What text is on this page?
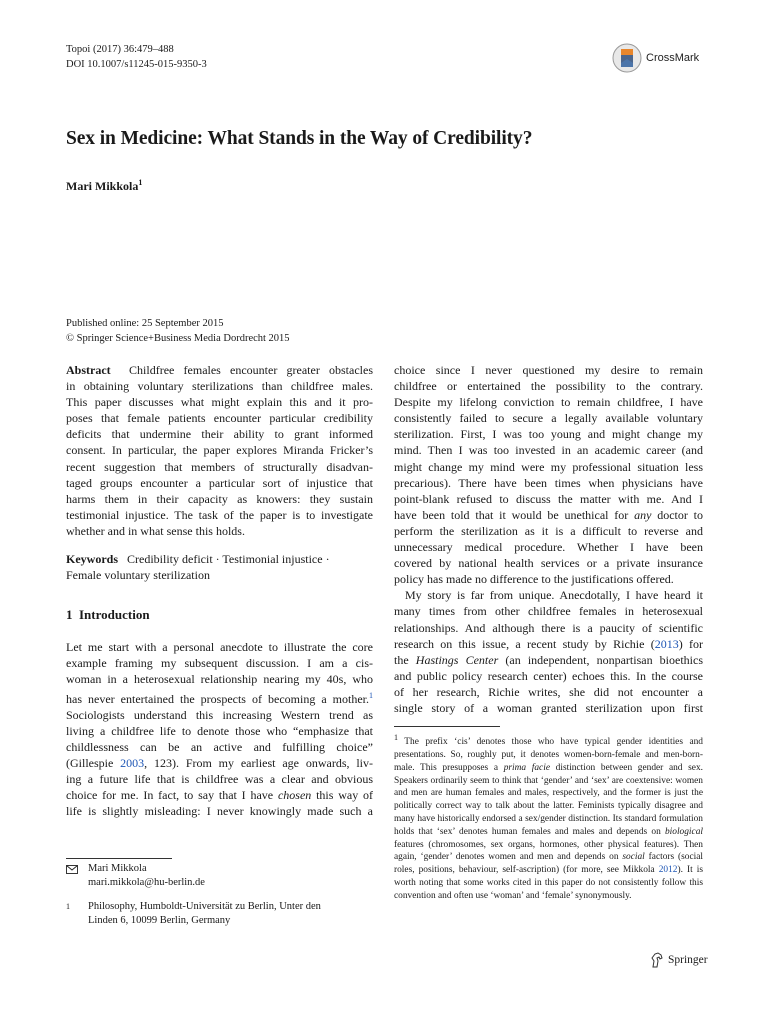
Topoi (2017) 36:479–488
DOI 10.1007/s11245-015-9350-3
CrossMark
Sex in Medicine: What Stands in the Way of Credibility?
Mari Mikkola$^1$
Published online: 25 September 2015
© Springer Science+Business Media Dordrecht 2015

Abstract Childfree females encounter greater obstacles
in obtaining voluntary sterilizations than childfree males.
This paper discusses what might explain this and it pro-
poses that female patients encounter particular credibility
deficits that undermine their ability to grant informed
consent. In particular, the paper explores Miranda Fricker’s
recent suggestion that members of structurally disadvan-
taged groups encounter a particular sort of injustice that
harms them in their capacity as knowers: they sustain
testimonial injustice. The task of the paper is to investigate
whether and in what sense this holds.

Keywords Credibility deficit · Testimonial injustice ·
Female voluntary sterilization

1 Introduction

Let me start with a personal anecdote to illustrate the core
example framing my subsequent discussion. I am a cis-
woman in a heterosexual relationship nearing my 40s, who
has never entertained the prospects of becoming a mother.$^1$
Sociologists understand this increasing Western trend as
living a childfree life to denote those who “emphasize that
childlessness can be an active and fulfilling choice”
(Gillespie 2003, 123). From my earliest age onwards, liv-
ing a future life that is childfree was a clear and obvious
choice for me. In fact, to say that I have chosen this way of
life is slightly misleading: I never knowingly made such a

Mari Mikkola
mari.mikkola@hu-berlin.de
1	Philosophy, Humboldt-Universität zu Berlin, Unter den
Linden 6, 10099 Berlin, Germany

choice since I never questioned my desire to remain
childfree or entertained the possibility to the contrary.
Despite my lifelong conviction to remain childfree, I have
consistently failed to secure a legally available voluntary
sterilization. First, I was too young and might change my
mind. Then I was too invested in an academic career (and
might change my mind were my professional situation less
precarious). There have been times when physicians have
point-blank refused to discuss the matter with me. And I
have been told that it would be unethical for any doctor to
perform the sterilization as it is a difficult to reverse and
unnecessary medical procedure. Whether I have been
covered by national health services or a private insurance
policy has made no difference to the justifications offered.

My story is far from unique. Anecdotally, I have heard it
many times from other childfree females in heterosexual
relationships. And although there is a paucity of scientific
research on this issue, a recent study by Richie (2013) for
the Hastings Center (an independent, nonpartisan bioethics
and public policy research center) echoes this. In the course
of her research, Richie writes, she did not encounter a
single story of a woman granted sterilization upon first

$^1$ The prefix ‘cis’ denotes those who have typical gender identities and presentations. So, roughly put, it denotes women-born-female and men-born-male. This presupposes a prima facie distinction between gender and sex. Speakers ordinarily seem to think that ‘gender’ and ‘sex’ are coextensive: women and men are human females and males, respectively, and the former is just the politically correct way to talk about the latter. Feminists typically disagree and many have historically endorsed a sex/gender distinction. Its standard formulation holds that ‘sex’ denotes human females and males and depends on biological features (chromosomes, sex organs, hormones, other physical features). Then again, ‘gender’ denotes women and men and depends on social factors (social roles, positions, behaviour, self-ascription) (for more, see Mikkola 2012). It is worth noting that some works cited in this paper do not consistently follow this convention and often use ‘woman’ and ‘female’ synonymously.
Springer
